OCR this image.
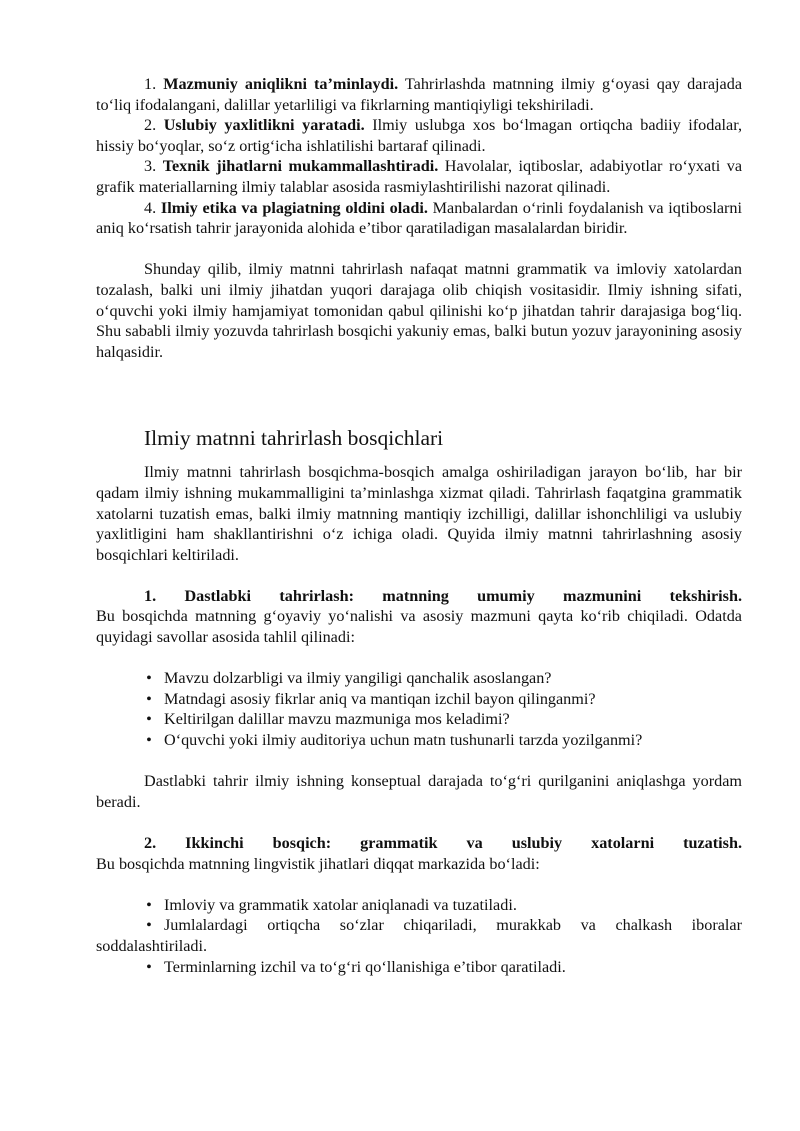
1. Mazmuniy aniqlikni ta’minlaydi. Tahrirlashda matnning ilmiy g‘oyasi qay darajada to‘liq ifodalangani, dalillar yetarliligi va fikrlarning mantiqiyligi tekshiriladi.

2. Uslubiy yaxlitlikni yaratadi. Ilmiy uslubga xos bo‘lmagan ortiqcha badiiy ifodalar, hissiy bo‘yoqlar, so‘z ortig‘icha ishlatilishi bartaraf qilinadi.

3. Texnik jihatlarni mukammallashtiradi. Havolalar, iqtiboslar, adabiyotlar ro‘yxati va grafik materiallarning ilmiy talablar asosida rasmiylashtirilishi nazorat qilinadi.

4. Ilmiy etika va plagiatning oldini oladi. Manbalardan o‘rinli foydalanish va iqtiboslarni aniq ko‘rsatish tahrir jarayonida alohida e’tibor qaratiladigan masalalardan biridir.

Shunday qilib, ilmiy matnni tahrirlash nafaqat matnni grammatik va imloviy xatolardan tozalash, balki uni ilmiy jihatdan yuqori darajaga olib chiqish vositasidir. Ilmiy ishning sifati, o‘quvchi yoki ilmiy hamjamiyat tomonidan qabul qilinishi ko‘p jihatdan tahrir darajasiga bog‘liq. Shu sababli ilmiy yozuvda tahrirlash bosqichi yakuniy emas, balki butun yozuv jarayonining asosiy halqasidir.

Ilmiy matnni tahrirlash bosqichlari

Ilmiy matnni tahrirlash bosqichma-bosqich amalga oshiriladigan jarayon bo‘lib, har bir qadam ilmiy ishning mukammalligini ta’minlashga xizmat qiladi. Tahrirlash faqatgina grammatik xatolarni tuzatish emas, balki ilmiy matnning mantiqiy izchilligi, dalillar ishonchliligi va uslubiy yaxlitligini ham shakllantirishni o‘z ichiga oladi. Quyida ilmiy matnni tahrirlashning asosiy bosqichlari keltiriladi.

1. Dastlabki tahrirlash: matnning umumiy mazmunini tekshirish.
Bu bosqichda matnning g‘oyaviy yo‘nalishi va asosiy mazmuni qayta ko‘rib chiqiladi. Odatda quyidagi savollar asosida tahlil qilinadi:

• Mavzu dolzarbligi va ilmiy yangiligi qanchalik asoslangan?
• Matndagi asosiy fikrlar aniq va mantiqan izchil bayon qilinganmi?
• Keltirilgan dalillar mavzu mazmuniga mos keladimi?
• O‘quvchi yoki ilmiy auditoriya uchun matn tushunarli tarzda yozilganmi?

Dastlabki tahrir ilmiy ishning konseptual darajada to‘g‘ri qurilganini aniqlashga yordam beradi.

2. Ikkinchi bosqich: grammatik va uslubiy xatolarni tuzatish.
Bu bosqichda matnning lingvistik jihatlari diqqat markazida bo‘ladi:

• Imloviy va grammatik xatolar aniqlanadi va tuzatiladi.
• Jumlalardagi ortiqcha so‘zlar chiqariladi, murakkab va chalkash iboralar soddalashtiriladi.
• Terminlarning izchil va to‘g‘ri qo‘llanishiga e’tibor qaratiladi.
